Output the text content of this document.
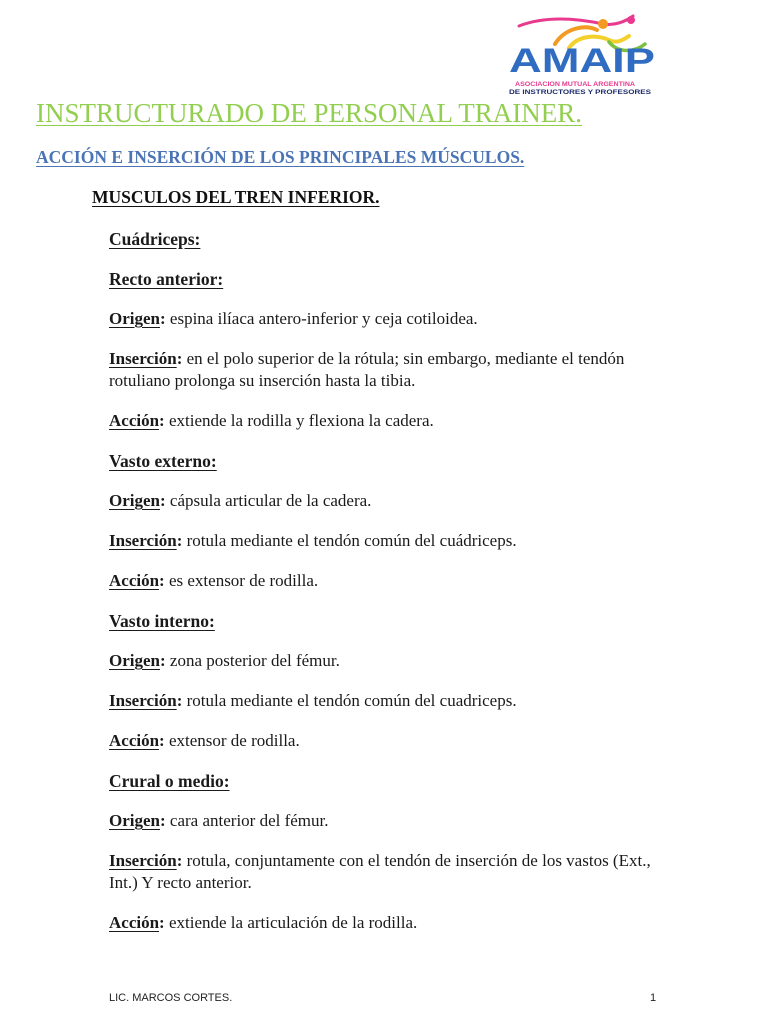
AMAIP
ASOCIACION MUTUAL ARGENTINA
DE INSTRUCTORES Y PROFESORES
INSTRUCTURADO DE PERSONAL TRAINER.
ACCIÓN E INSERCIÓN DE LOS PRINCIPALES MÚSCULOS.
MUSCULOS DEL TREN INFERIOR.

Cuádriceps:

Recto anterior:

Origen: espina ilíaca antero-inferior y ceja cotiloidea.

Inserción: en el polo superior de la rótula; sin embargo, mediante el tendón rotuliano prolonga su inserción hasta la tibia.

Acción: extiende la rodilla y flexiona la cadera.

Vasto externo:

Origen: cápsula articular de la cadera.

Inserción: rotula mediante el tendón común del cuádriceps.

Acción: es extensor de rodilla.

Vasto interno:

Origen: zona posterior del fémur.

Inserción: rotula mediante el tendón común del cuadriceps.

Acción: extensor de rodilla.

Crural o medio:

Origen: cara anterior del fémur.

Inserción: rotula, conjuntamente con el tendón de inserción de los vastos (Ext., Int.) Y recto anterior.

Acción: extiende la articulación de la rodilla.

LIC. MARCOS CORTES.	1
